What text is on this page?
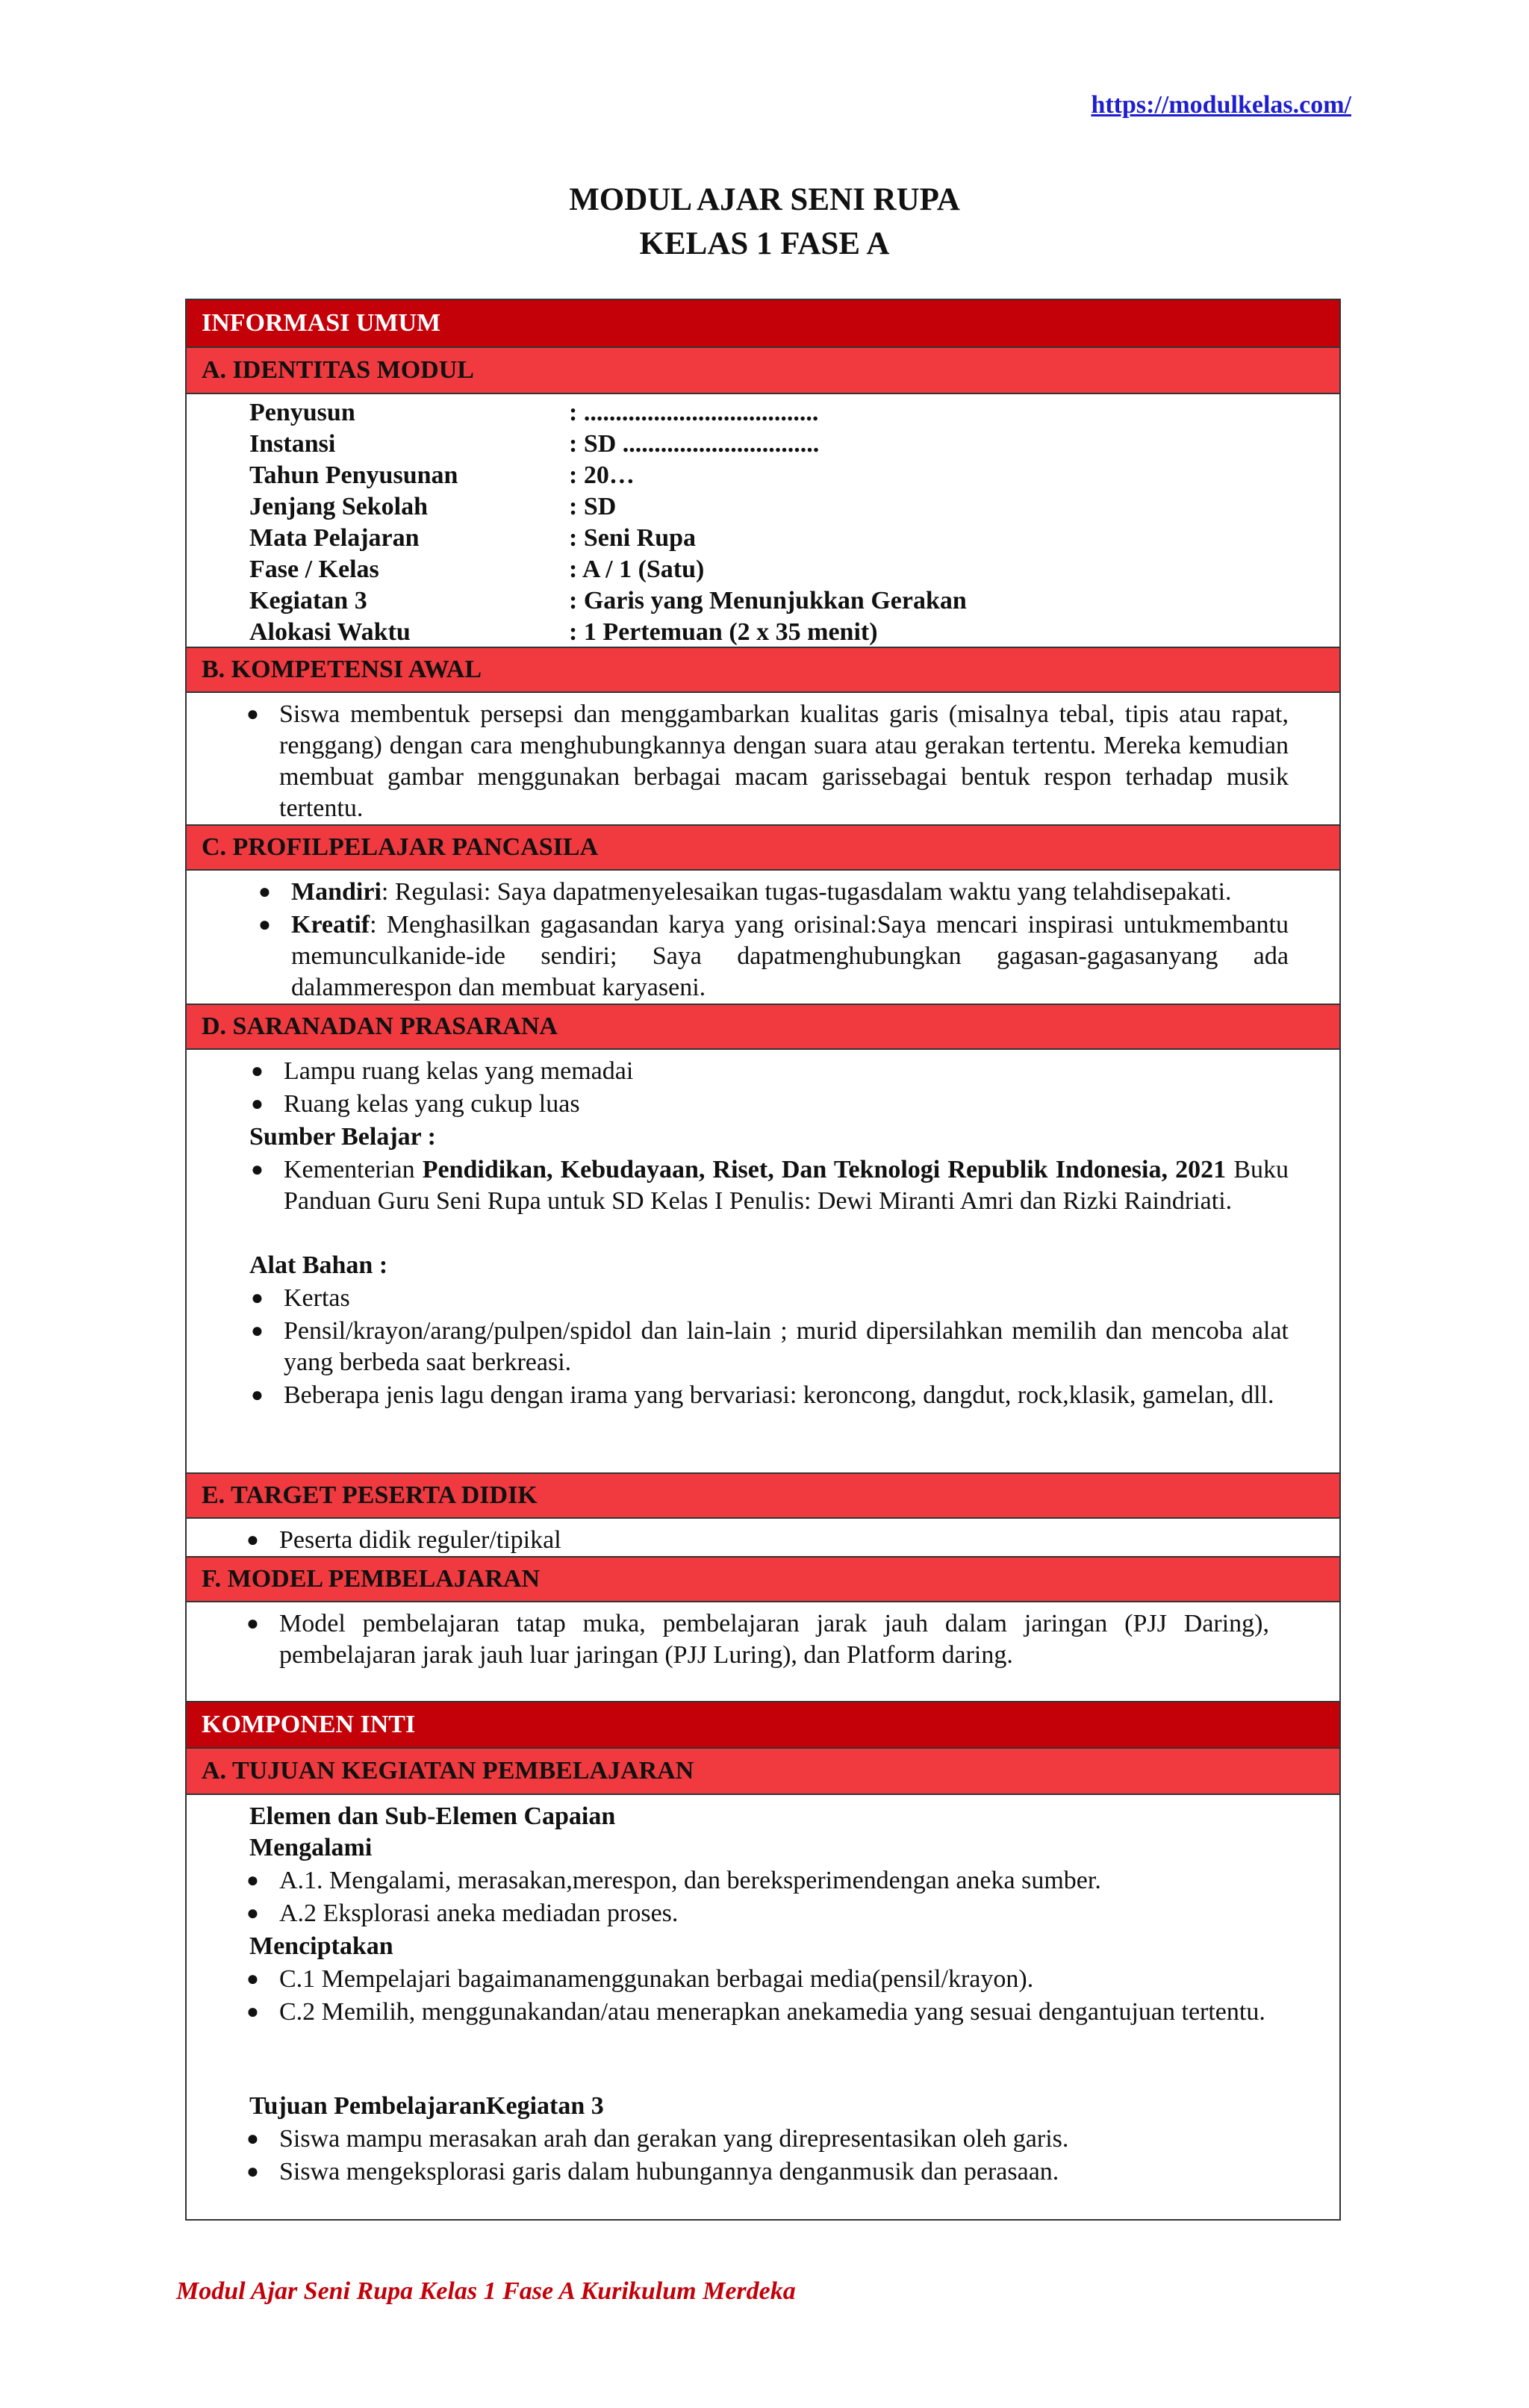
https://modulkelas.com/
MODUL AJAR SENI RUPA
KELAS 1 FASE A
INFORMASI UMUM
A. IDENTITAS MODUL
Penyusun	: .....................................
Instansi	: SD ...............................
Tahun Penyusunan	: 20…
Jenjang Sekolah	: SD
Mata Pelajaran	: Seni Rupa
Fase / Kelas	: A / 1 (Satu)
Kegiatan 3	: Garis yang Menunjukkan Gerakan
Alokasi Waktu	: 1 Pertemuan (2 x 35 menit)
B. KOMPETENSI AWAL
● Siswa membentuk persepsi dan menggambarkan kualitas garis (misalnya tebal, tipis atau rapat, renggang) dengan cara menghubungkannya dengan suara atau gerakan tertentu. Mereka kemudian membuat gambar menggunakan berbagai macam garissebagai bentuk respon terhadap musik tertentu.
C. PROFILPELAJAR PANCASILA
● Mandiri: Regulasi: Saya dapatmenyelesaikan tugas-tugasdalam waktu yang telahdisepakati.
● Kreatif: Menghasilkan gagasandan karya yang orisinal:Saya mencari inspirasi untukmembantu memunculkanide-ide sendiri; Saya dapatmenghubungkan gagasan-gagasanyang ada dalammerespon dan membuat karyaseni.
D. SARANADAN PRASARANA
● Lampu ruang kelas yang memadai
● Ruang kelas yang cukup luas
Sumber Belajar :
● Kementerian Pendidikan, Kebudayaan, Riset, Dan Teknologi Republik Indonesia, 2021 Buku Panduan Guru Seni Rupa untuk SD Kelas I Penulis: Dewi Miranti Amri dan Rizki Raindriati.
Alat Bahan :
● Kertas
● Pensil/krayon/arang/pulpen/spidol dan lain-lain ; murid dipersilahkan memilih dan mencoba alat yang berbeda saat berkreasi.
● Beberapa jenis lagu dengan irama yang bervariasi: keroncong, dangdut, rock,klasik, gamelan, dll.
E. TARGET PESERTA DIDIK
● Peserta didik reguler/tipikal
F. MODEL PEMBELAJARAN
● Model pembelajaran tatap muka, pembelajaran jarak jauh dalam jaringan (PJJ Daring), pembelajaran jarak jauh luar jaringan (PJJ Luring), dan Platform daring.
KOMPONEN INTI
A. TUJUAN KEGIATAN PEMBELAJARAN
Elemen dan Sub-Elemen Capaian
Mengalami
● A.1. Mengalami, merasakan,merespon, dan bereksperimendengan aneka sumber.
● A.2 Eksplorasi aneka mediadan proses.
Menciptakan
● C.1 Mempelajari bagaimanamenggunakan berbagai media(pensil/krayon).
● C.2 Memilih, menggunakandan/atau menerapkan anekamedia yang sesuai dengantujuan tertentu.
Tujuan PembelajaranKegiatan 3
● Siswa mampu merasakan arah dan gerakan yang direpresentasikan oleh garis.
● Siswa mengeksplorasi garis dalam hubungannya denganmusik dan perasaan.
Modul Ajar Seni Rupa Kelas 1 Fase A Kurikulum Merdeka
